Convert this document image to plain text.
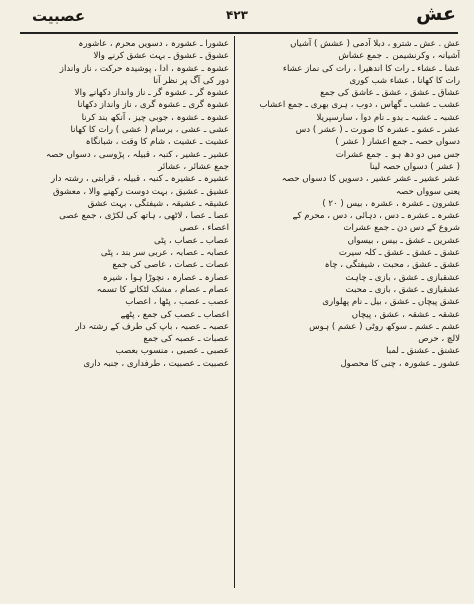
عصبیت	۴۲۳	عش
عش . عش ـ شترو ، دبلا آدمی ( عشش ) آشیاں
آشیانہ ، وکرنشیمن ۔ جمع عشاش
عشا ـ عشاء ـ رات کا اندھیرا ، رات کی نماز عشاء
رات کا کھانا ، عشاء شب کوری
عشاق ـ عشق ، عشق ـ عاشق کی جمع
عشب ـ عشب ـ گھاس ، دوب ، ہری بھری ـ جمع اعشاب
عشبہ ـ عشبہ ـ بدو ـ نام دوا ، سارسپریلا
عشر ـ عشو ـ عشرہ کا صورت ـ ( عشر ) دس
دسواں حصہ ـ جمع اعشار ( عشر )
جس میں دو دھ ہو ۔ جمع عشرات
( عشر ) دسواں حصہ لینا
عشر عشیر ـ عشر عشیر ، دسویں کا دسواں حصہ
یعنی سوواں حصہ
عشرون ـ عشرہ ، عشرہ ، بیس ( ۲۰ )
عشرہ ـ عشرہ ـ دس ، دہائی ، دس ، محرم کے
شروع کے دس دن ـ جمع عشرات
عشرین ـ عشق ـ بیس ، بیسواں
عشق ـ عشق ـ عشق ـ کلہ سیرت
عشق ـ عشق ، محبت ، شیفتگی ، چاہ
عشقبازی ـ عشق ، بازی ـ چاہت
عشقیازی ـ عشق ، بازی ـ محبت
عشق پیچاں ـ عشق ، بیل ـ نام پھلواری
عشقہ ـ عشقہ ، عشق ، پیچاں
عشم ـ عشم ـ سوکھ روٹی ( عشم ) ہوس
لالچ ، حرص
عشنق ـ عشنق ـ لمبا
عشور ـ عشورہ ، چنی کا محصول
عشورا ـ عشورہ ، دسویں محرم ، عاشورہ
عشوق ـ عشوق ـ بہت عشق کرنے والا
عشوہ ـ عشوہ ، ادا ، پوشیدہ حرکت ، ناز وانداز
دور کی آگ پر نظر آنا
عشوہ گر ـ عشوہ گر ـ ناز وانداز دکھانے والا
عشوہ گری ـ عشوہ گری ، ناز وانداز دکھانا
عشوہ ـ عشوہ ، جوبی چیز ، آنکھ بند کرنا
عشی ـ عشی ، برسام ( عشی ) رات کا کھانا
عشیت ـ عشیت ، شام کا وقت ، شبانگاہ
عشیر ـ عشیر ، کنبہ ، قبیلہ ، پڑوسی ، دسواں حصہ
جمع عشائر ، عشائر
عشیرہ ـ عشیرہ ـ کنبہ ، قبیلہ ، قرابتی ، رشتہ دار
عشیق ـ عشیق ، بہت دوست رکھنے والا ، معشوق
عشیقہ ـ عشیقہ ، شیفتگی ، بہت عشق
عصا ـ عصا ، لاٹھی ، ہاتھ کی لکڑی ، جمع عصی
اعصاء ، عصی
عصاب ـ عصاب ، پٹی
عصابہ ـ عصابہ ، عربی سر بند ، پٹی
عصات ـ عصات ، عاصی کی جمع
عصارہ ـ عصارہ ، نچوڑا ہوا ، شیرہ
عصام ـ عصام ، مشک لٹکانے کا تسمہ
عصب ـ عصب ، پٹھا ، اعصاب
اعصاب ـ عصب کی جمع ، پٹھے
عصبہ ـ عصبہ ، باپ کی طرف کے رشتہ دار
عصبات ـ عصبہ کی جمع
عصبی ـ عصبی ، منسوب بعصب
عصبیت ـ عصبیت ، طرفداری ، جنبہ داری
